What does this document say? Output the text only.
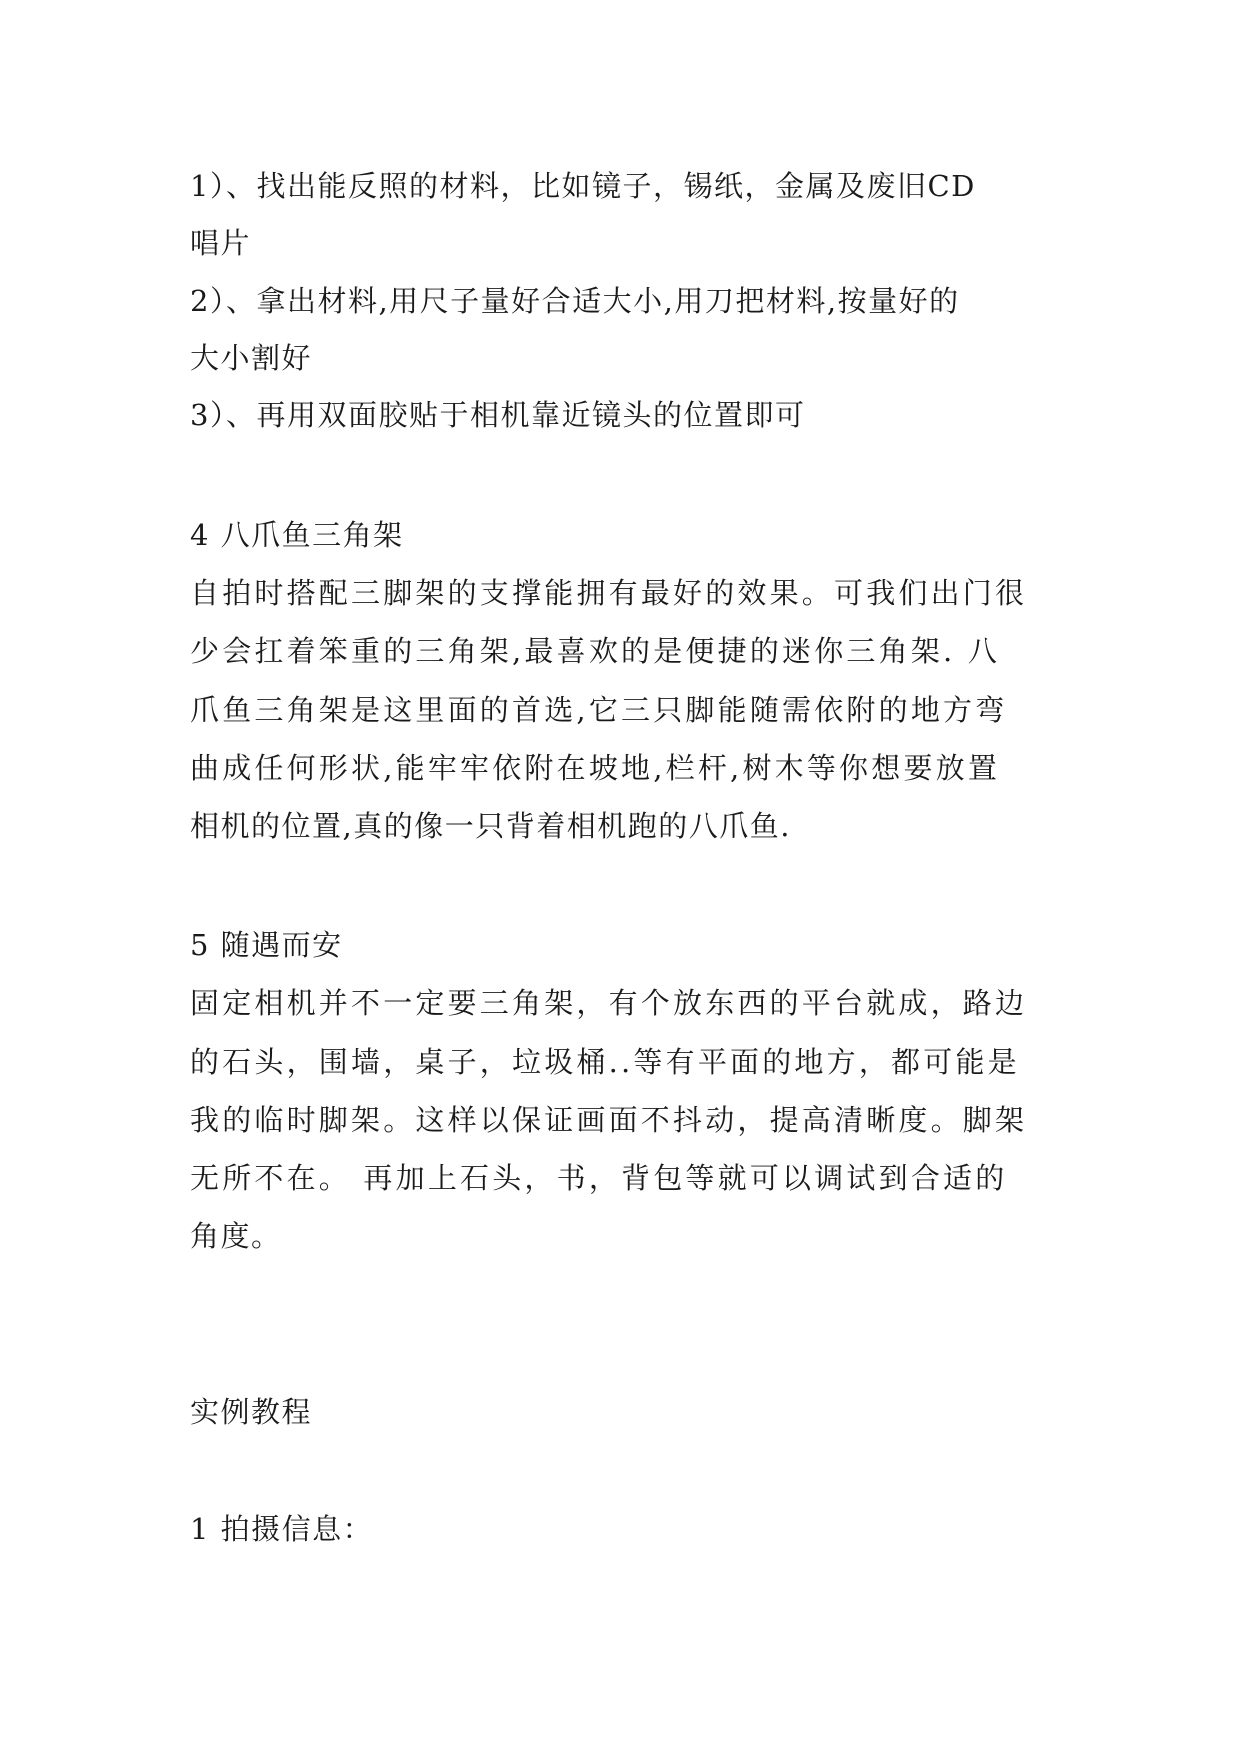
1）、找出能反照的材料，比如镜子，锡纸，金属及废旧CD
唱片
2）、拿出材料,用尺子量好合适大小,用刀把材料,按量好的
大小割好
3）、再用双面胶贴于相机靠近镜头的位置即可
4 八爪鱼三角架
自拍时搭配三脚架的支撑能拥有最好的效果。可我们出门很
少会扛着笨重的三角架,最喜欢的是便捷的迷你三角架. 八
爪鱼三角架是这里面的首选,它三只脚能随需依附的地方弯
曲成任何形状,能牢牢依附在坡地,栏杆,树木等你想要放置
相机的位置,真的像一只背着相机跑的八爪鱼.
5 随遇而安
固定相机并不一定要三角架，有个放东西的平台就成，路边
的石头，围墙，桌子，垃圾桶..等有平面的地方，都可能是
我的临时脚架。这样以保证画面不抖动，提高清晰度。脚架
无所不在。 再加上石头，书，背包等就可以调试到合适的
角度。
实例教程
1 拍摄信息：
